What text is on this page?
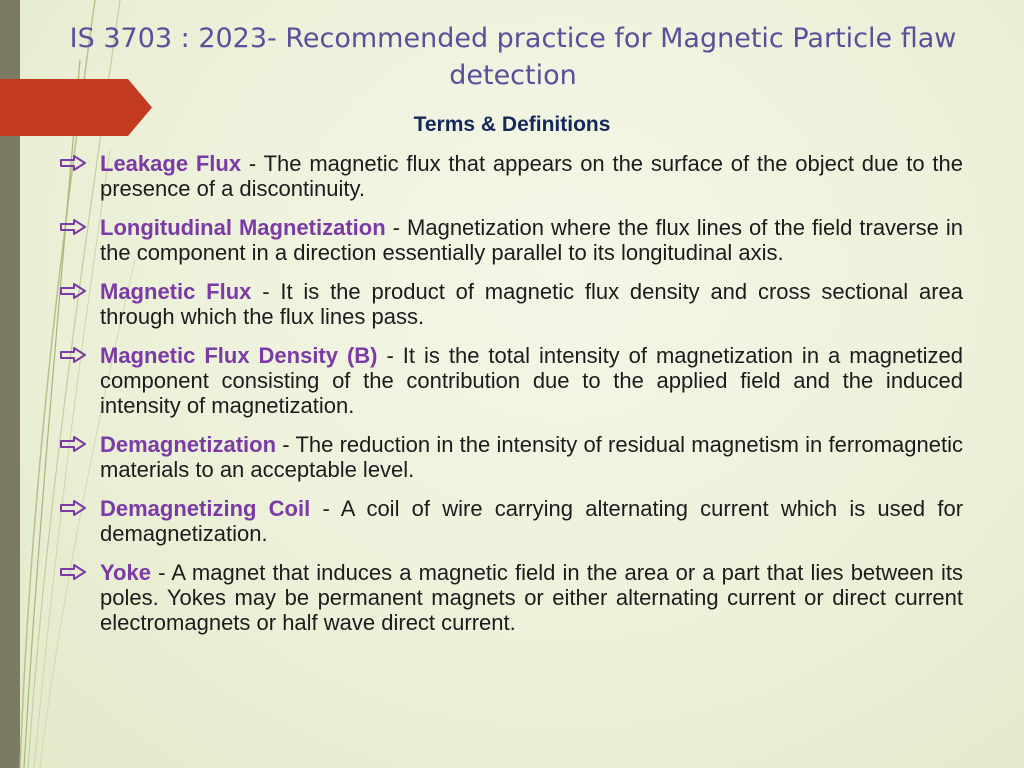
IS 3703 : 2023- Recommended practice for Magnetic Particle flaw detection
Terms & Definitions
Leakage Flux - The magnetic flux that appears on the surface of the object due to the presence of a discontinuity.
Longitudinal Magnetization - Magnetization where the flux lines of the field traverse in the component in a direction essentially parallel to its longitudinal axis.
Magnetic Flux - It is the product of magnetic flux density and cross sectional area through which the flux lines pass.
Magnetic Flux Density (B) - It is the total intensity of magnetization in a magnetized component consisting of the contribution due to the applied field and the induced intensity of magnetization.
Demagnetization - The reduction in the intensity of residual magnetism in ferromagnetic materials to an acceptable level.
Demagnetizing Coil - A coil of wire carrying alternating current which is used for demagnetization.
Yoke - A magnet that induces a magnetic field in the area or a part that lies between its poles. Yokes may be permanent magnets or either alternating current or direct current electromagnets or half wave direct current.
